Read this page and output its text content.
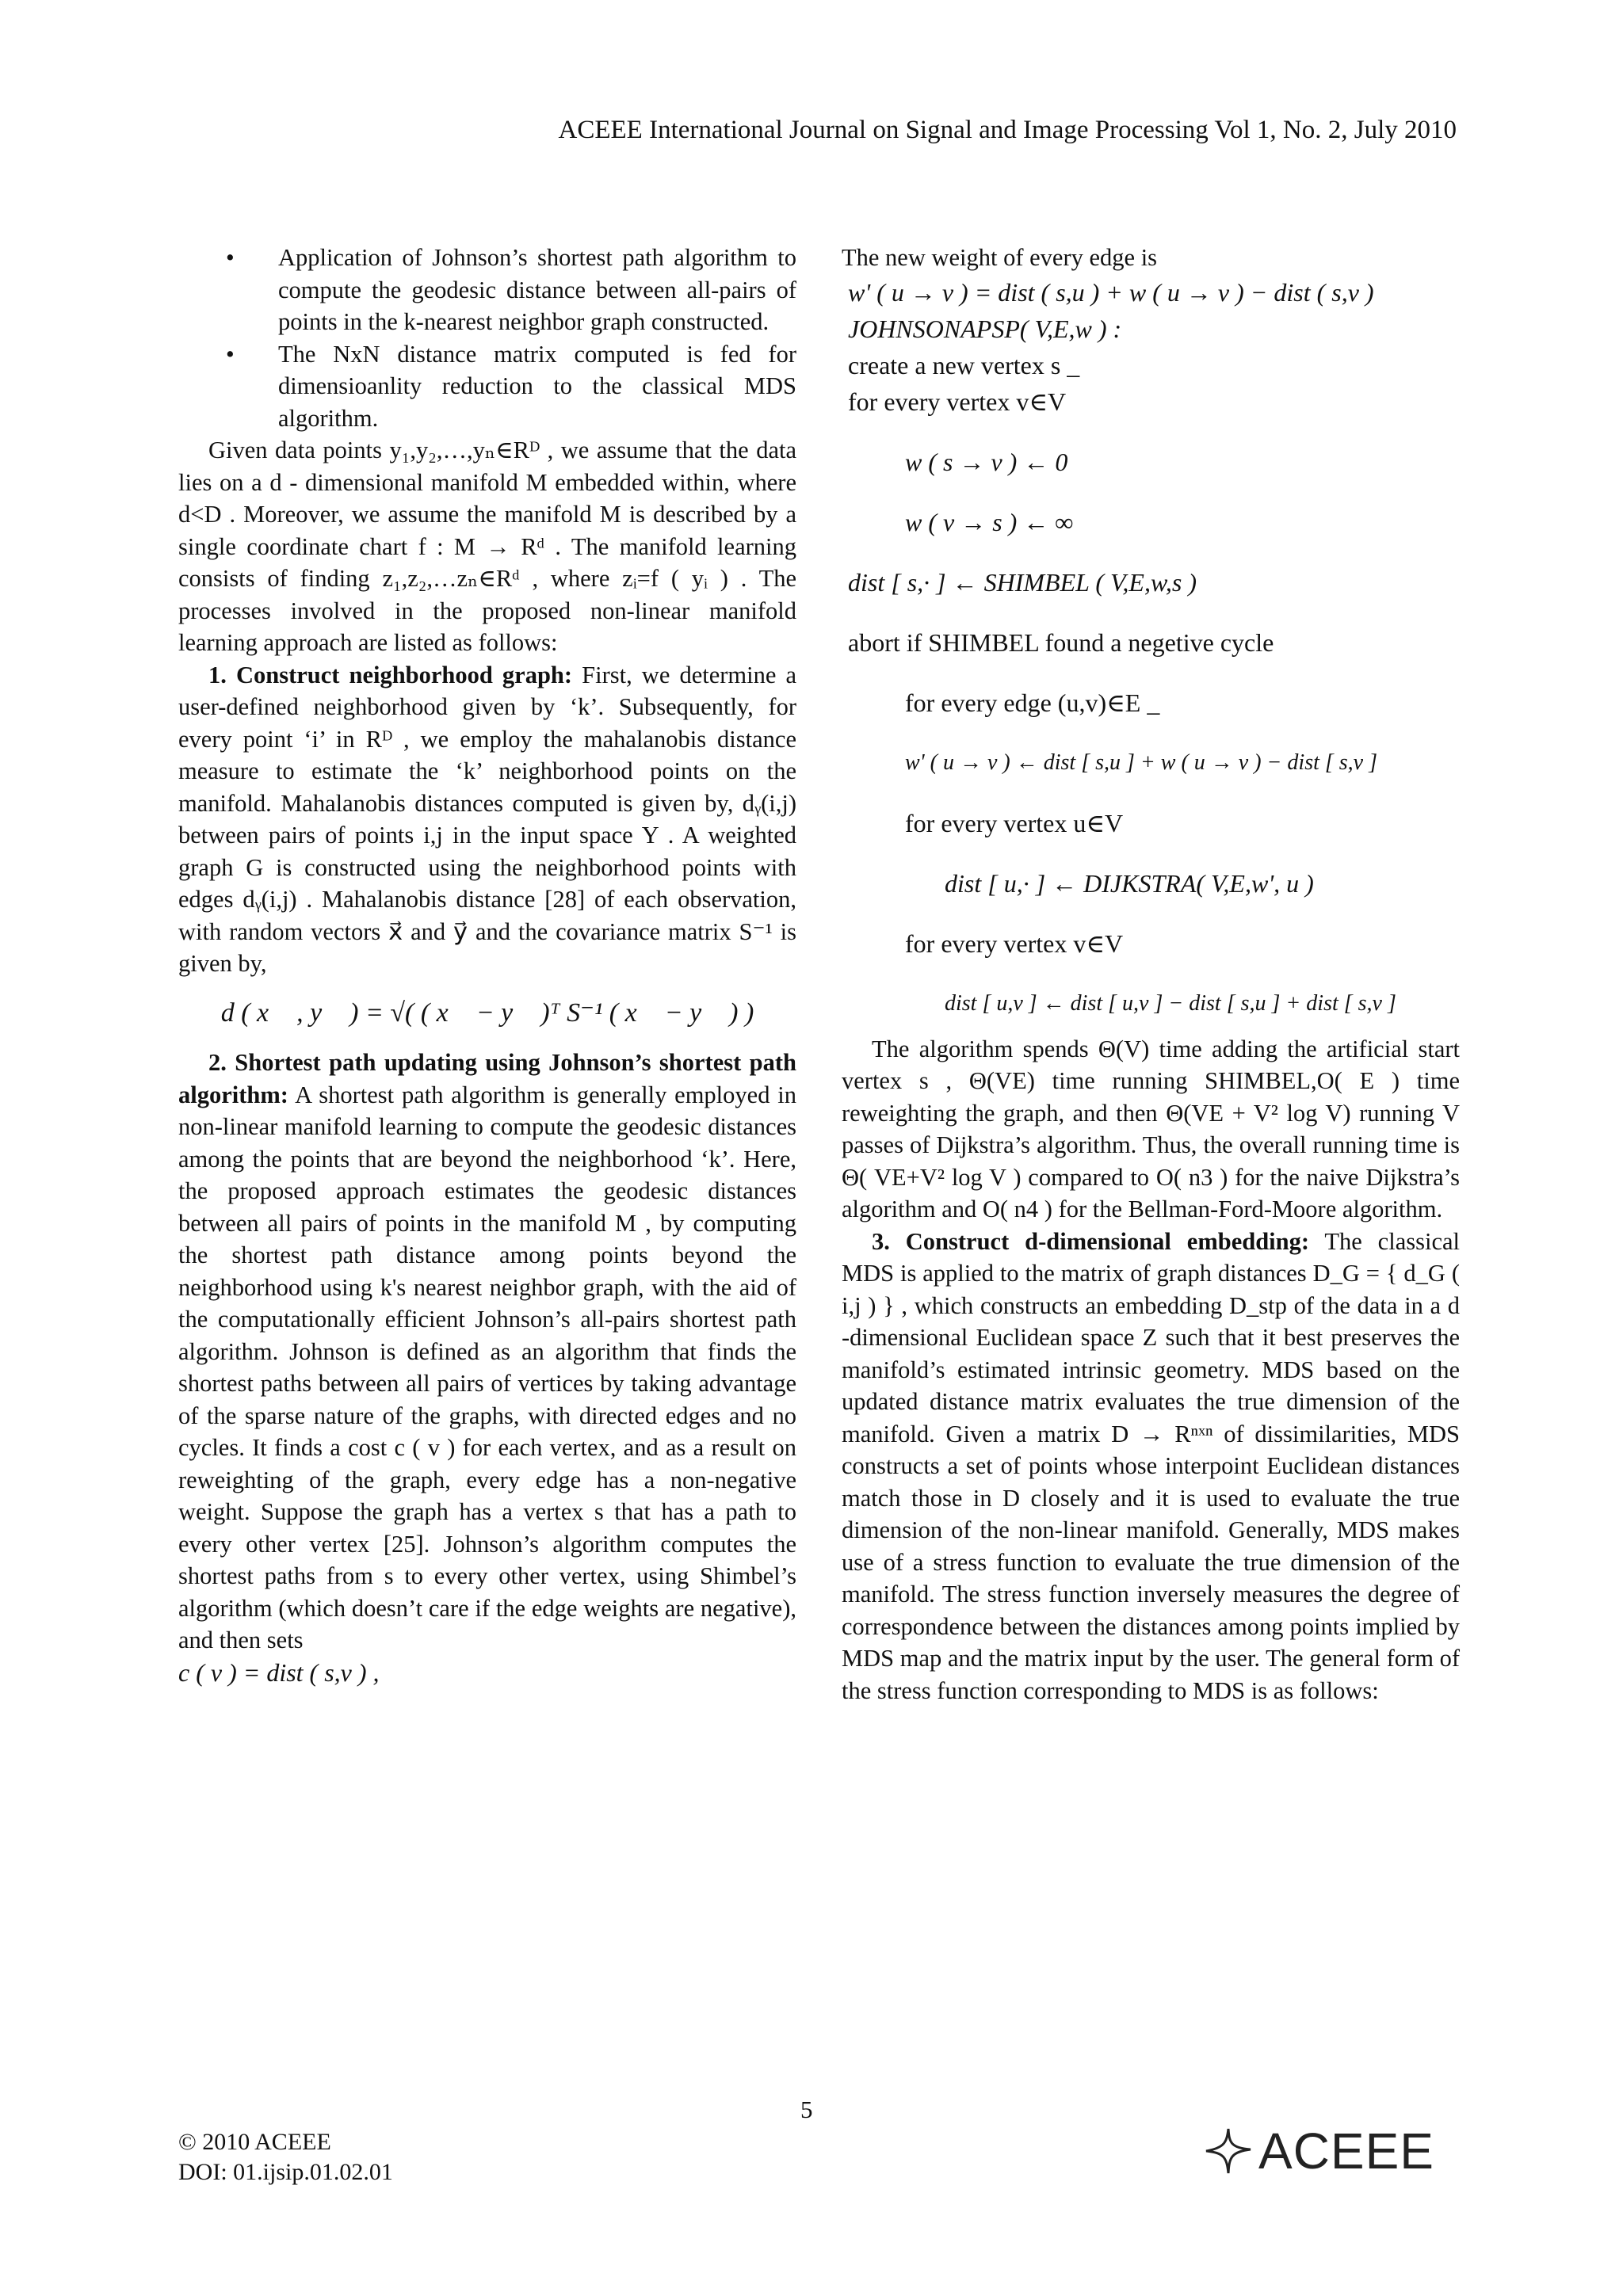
ACEEE International Journal on Signal and Image Processing Vol 1, No. 2, July 2010
• Application of Johnson’s shortest path algorithm to compute the geodesic distance between all-pairs of points in the k-nearest neighbor graph constructed.
• The NxN distance matrix computed is fed for dimensioanlity reduction to the classical MDS algorithm.

Given data points y₁,y₂,…,yₙ∈Rᴰ , we assume that the data lies on a d - dimensional manifold M embedded within, where d<D . Moreover, we assume the manifold M is described by a single coordinate chart f : M → Rᵈ . The manifold learning consists of finding z₁,z₂,…zₙ∈Rᵈ , where zᵢ=f ( yᵢ ) . The processes involved in the proposed non-linear manifold learning approach are listed as follows:

1. Construct neighborhood graph: First, we determine a user-defined neighborhood given by ‘k’. Subsequently, for every point ‘i’ in Rᴰ , we employ the mahalanobis distance measure to estimate the ‘k’ neighborhood points on the manifold. Mahalanobis distances computed is given by, dᵧ(i,j) between pairs of points i,j in the input space Y . A weighted graph G is constructed using the neighborhood points with edges dᵧ(i,j) . Mahalanobis distance [28] of each observation, with random vectors x⃗ and y⃗ and the covariance matrix S⁻¹ is given by,

d ( x⃗ , y⃗ ) = √( ( x⃗ − y⃗ )ᵀ S⁻¹ ( x⃗ − y⃗ ) )

2. Shortest path updating using Johnson’s shortest path algorithm: A shortest path algorithm is generally employed in non-linear manifold learning to compute the geodesic distances among the points that are beyond the neighborhood ‘k’. Here, the proposed approach estimates the geodesic distances between all pairs of points in the manifold M , by computing the shortest path distance among points beyond the neighborhood using k's nearest neighbor graph, with the aid of the computationally efficient Johnson’s all-pairs shortest path algorithm. Johnson is defined as an algorithm that finds the shortest paths between all pairs of vertices by taking advantage of the sparse nature of the graphs, with directed edges and no cycles. It finds a cost c ( v ) for each vertex, and as a result on reweighting of the graph, every edge has a non-negative weight. Suppose the graph has a vertex s that has a path to every other vertex [25]. Johnson’s algorithm computes the shortest paths from s to every other vertex, using Shimbel’s algorithm (which doesn’t care if the edge weights are negative), and then sets

c ( v ) = dist ( s,v ) ,

The new weight of every edge is

w' ( u → v ) = dist ( s,u ) + w ( u → v ) − dist ( s,v )
JOHNSONAPSP( V,E,w ) :
create a new vertex s _
for every vertex v∈V
w ( s → v ) ← 0
w ( v → s ) ← ∞
dist [ s,· ] ← SHIMBEL ( V,E,w,s )
abort if SHIMBEL found a negetive cycle
for every edge (u,v)∈E _
w' ( u → v ) ← dist [ s,u ] + w ( u → v ) − dist [ s,v ]
for every vertex u∈V
dist [ u,· ] ← DIJKSTRA( V,E,w', u )
for every vertex v∈V
dist [ u,v ] ← dist [ u,v ] − dist [ s,u ] + dist [ s,v ]

The algorithm spends Θ(V) time adding the artificial start vertex s , Θ(VE) time running SHIMBEL,O( E ) time reweighting the graph, and then Θ(VE + V² log V) running V passes of Dijkstra’s algorithm. Thus, the overall running time is Θ( VE+V² log V ) compared to O( n3 ) for the naive Dijkstra’s algorithm and O( n4 ) for the Bellman-Ford-Moore algorithm.

3. Construct d-dimensional embedding: The classical MDS is applied to the matrix of graph distances D_G = { d_G ( i,j ) } , which constructs an embedding D_stp of the data in a d -dimensional Euclidean space Z such that it best preserves the manifold’s estimated intrinsic geometry. MDS based on the updated distance matrix evaluates the true dimension of the manifold. Given a matrix D → Rⁿˣⁿ of dissimilarities, MDS constructs a set of points whose interpoint Euclidean distances match those in D closely and it is used to evaluate the true dimension of the non-linear manifold. Generally, MDS makes use of a stress function to evaluate the true dimension of the manifold. The stress function inversely measures the degree of correspondence between the distances among points implied by MDS map and the matrix input by the user. The general form of the stress function corresponding to MDS is as follows:

5
© 2010 ACEEE
DOI: 01.ijsip.01.02.01	ACEEE
